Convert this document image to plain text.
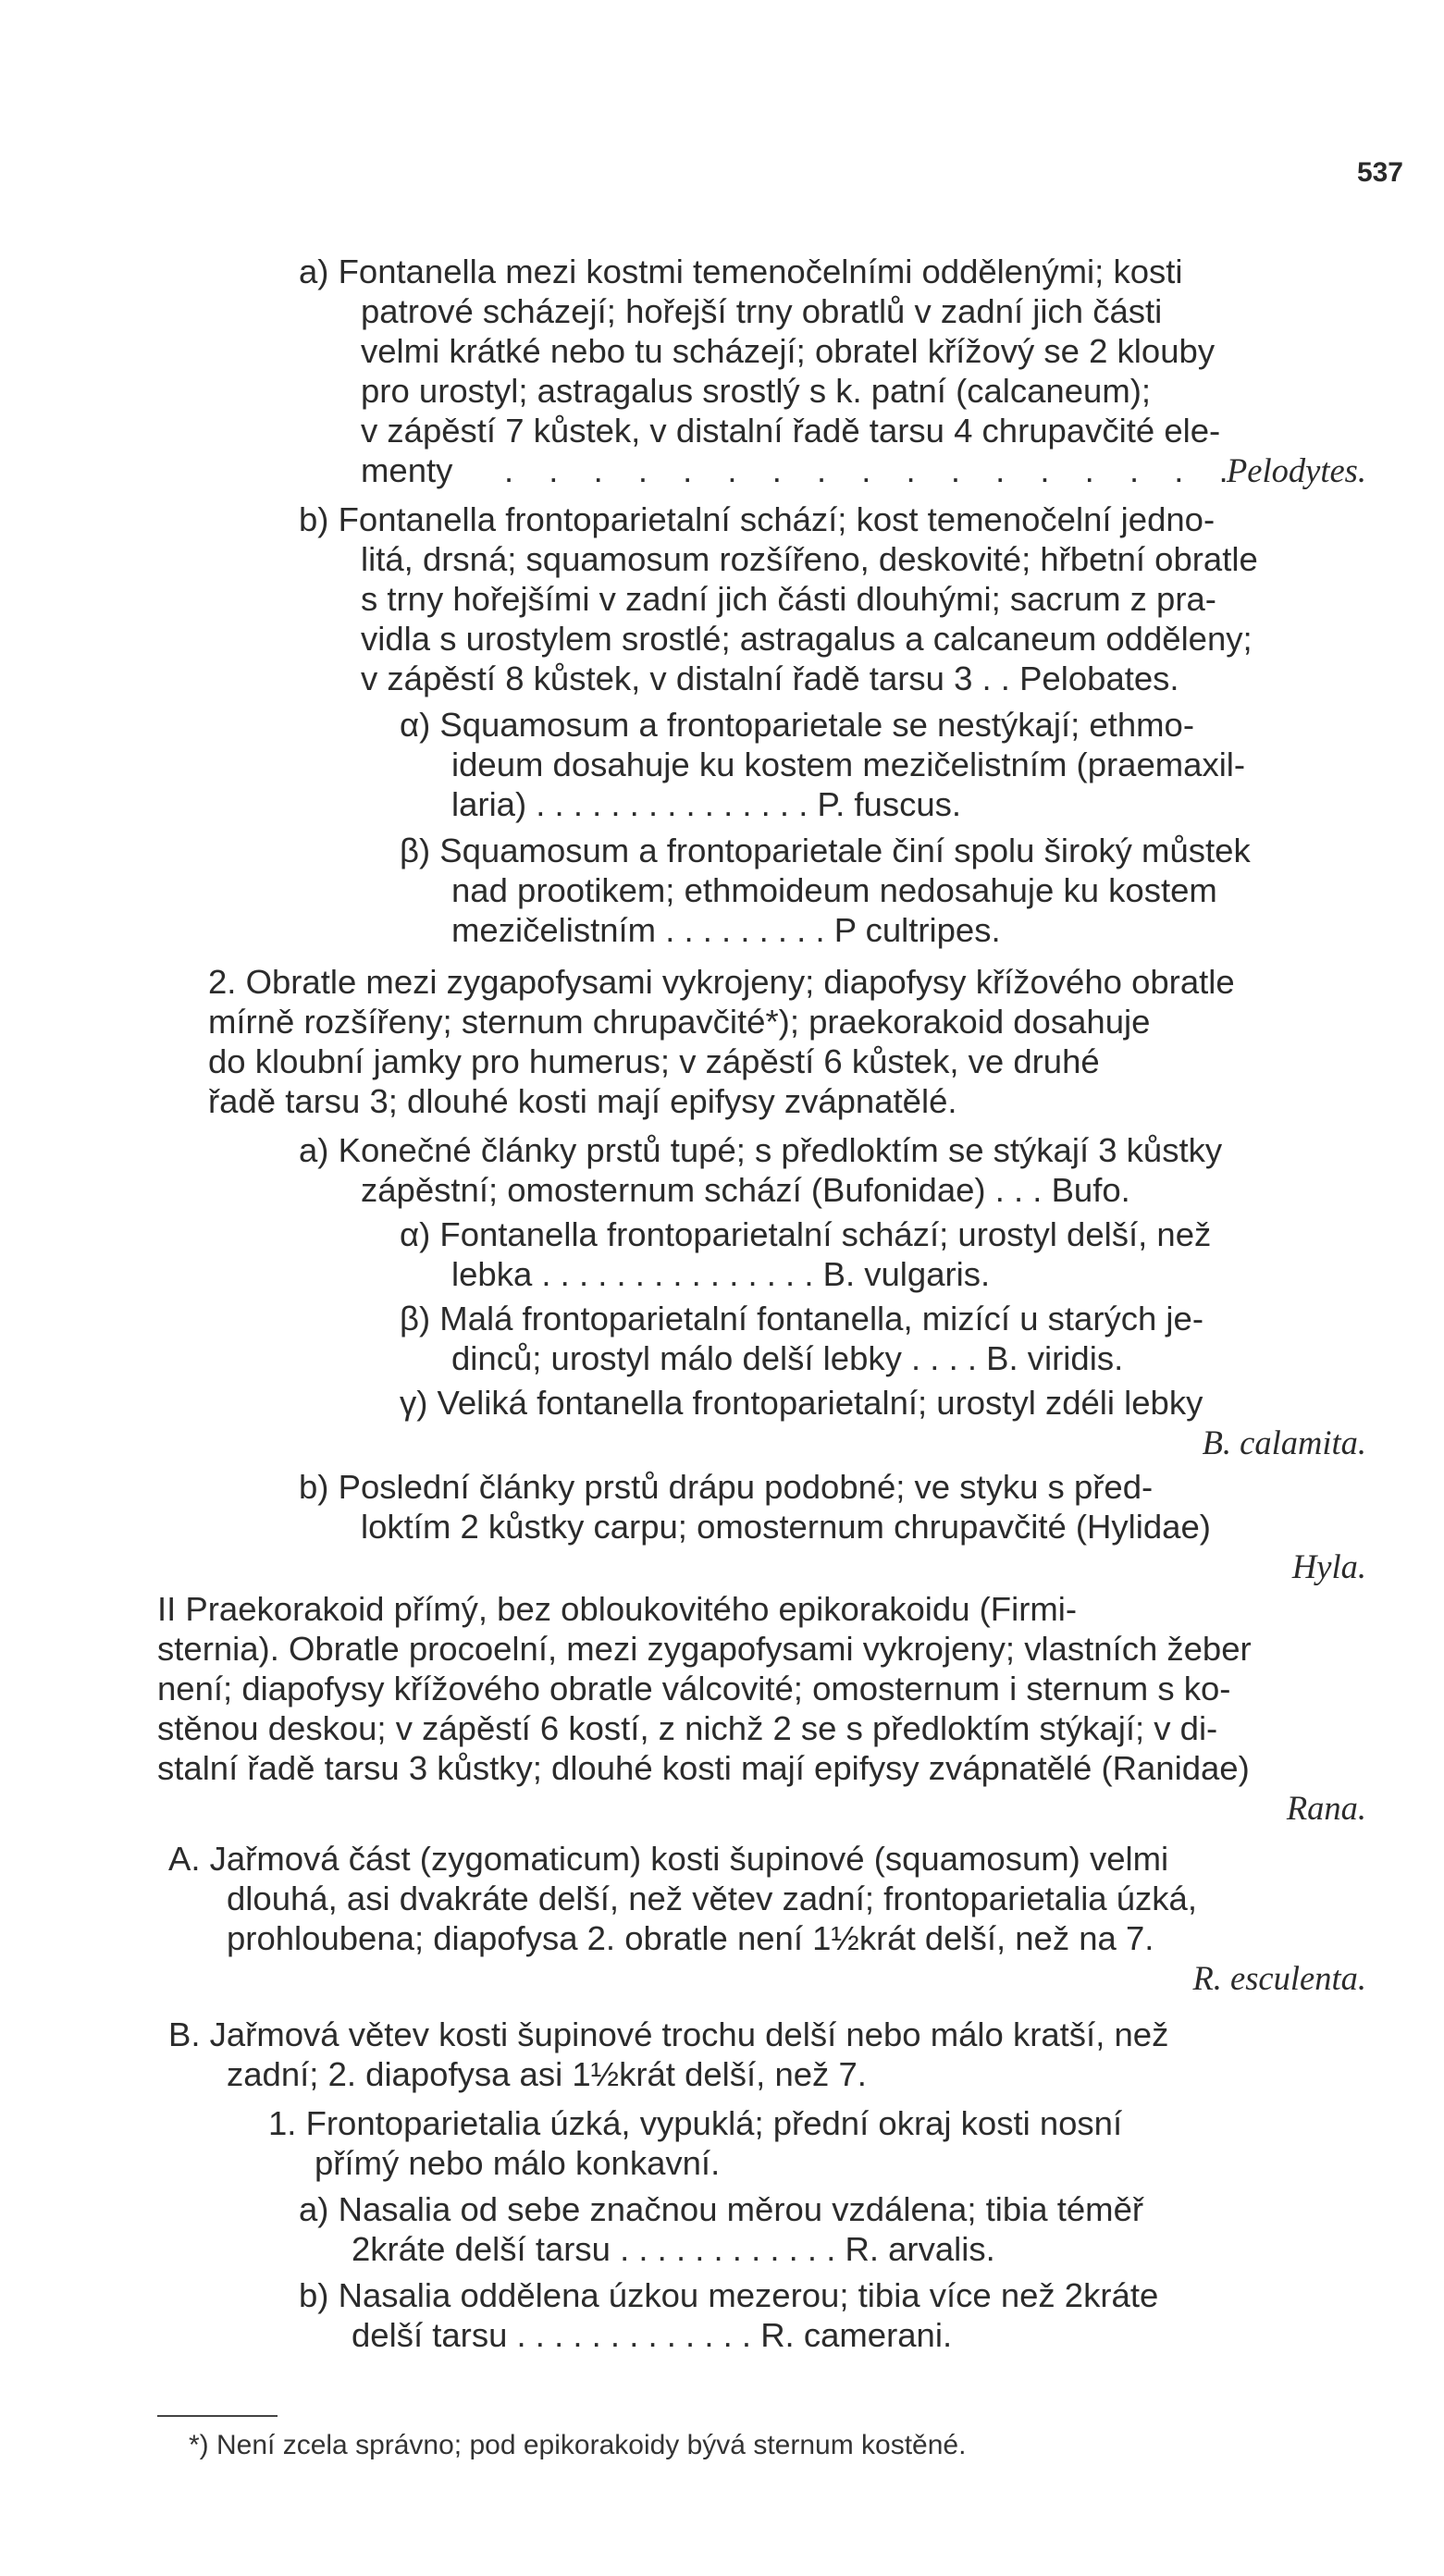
537
a) Fontanella mezi kostmi temenočelními oddělenými; kosti
patrové scházejí; hořejší trny obratlů v zadní jich části
velmi krátké nebo tu scházejí; obratel křížový se 2 klouby
pro urostyl; astragalus srostlý s k. patní (calcaneum);
v zápěstí 7 kůstek, v distalní řadě tarsu 4 chrupavčité ele-
menty . . . . . . . . . . . . . . . . .
Pelodytes.
b) Fontanella frontoparietalní schází; kost temenočelní jedno-
litá, drsná; squamosum rozšířeno, deskovité; hřbetní obratle
s trny hořejšími v zadní jich části dlouhými; sacrum z pra-
vidla s urostylem srostlé; astragalus a calcaneum odděleny;
v zápěstí 8 kůstek, v distalní řadě tarsu 3 . . Pelobates.
α) Squamosum a frontoparietale se nestýkají; ethmo-
ideum dosahuje ku kostem mezičelistním (praemaxil-
laria) . . . . . . . . . . . . . . . P. fuscus.
β) Squamosum a frontoparietale činí spolu široký můstek
nad prootikem; ethmoideum nedosahuje ku kostem
mezičelistním . . . . . . . . . P cultripes.
2. Obratle mezi zygapofysami vykrojeny; diapofysy křížového obratle
mírně rozšířeny; sternum chrupavčité*); praekorakoid dosahuje
do kloubní jamky pro humerus; v zápěstí 6 kůstek, ve druhé
řadě tarsu 3; dlouhé kosti mají epifysy zvápnatělé.
a) Konečné články prstů tupé; s předloktím se stýkají 3 kůstky
zápěstní; omosternum schází (Bufonidae) . . . Bufo.
α) Fontanella frontoparietalní schází; urostyl delší, než
lebka . . . . . . . . . . . . . . . B. vulgaris.
β) Malá frontoparietalní fontanella, mizící u starých je-
dinců; urostyl málo delší lebky . . . . B. viridis.
γ) Veliká fontanella frontoparietalní; urostyl zdéli lebky
B. calamita.
b) Poslední články prstů drápu podobné; ve styku s před-
loktím 2 kůstky carpu; omosternum chrupavčité (Hylidae)
Hyla.
II Praekorakoid přímý, bez obloukovitého epikorakoidu (Firmi-
sternia). Obratle procoelní, mezi zygapofysami vykrojeny; vlastních žeber
není; diapofysy křížového obratle válcovité; omosternum i sternum s ko-
stěnou deskou; v zápěstí 6 kostí, z nichž 2 se s předloktím stýkají; v di-
stalní řadě tarsu 3 kůstky; dlouhé kosti mají epifysy zvápnatělé (Ranidae)
Rana.
A. Jařmová část (zygomaticum) kosti šupinové (squamosum) velmi
dlouhá, asi dvakráte delší, než větev zadní; frontoparietalia úzká,
prohloubena; diapofysa 2. obratle není 1½krát delší, než na 7.
R. esculenta.
B. Jařmová větev kosti šupinové trochu delší nebo málo kratší, než
zadní; 2. diapofysa asi 1½krát delší, než 7.
1. Frontoparietalia úzká, vypuklá; přední okraj kosti nosní
přímý nebo málo konkavní.
a) Nasalia od sebe značnou měrou vzdálena; tibia téměř
2kráte delší tarsu . . . . . . . . . . . . R. arvalis.
b) Nasalia oddělena úzkou mezerou; tibia více než 2kráte
delší tarsu . . . . . . . . . . . . . R. camerani.
*) Není zcela správno; pod epikorakoidy bývá sternum kostěné.
